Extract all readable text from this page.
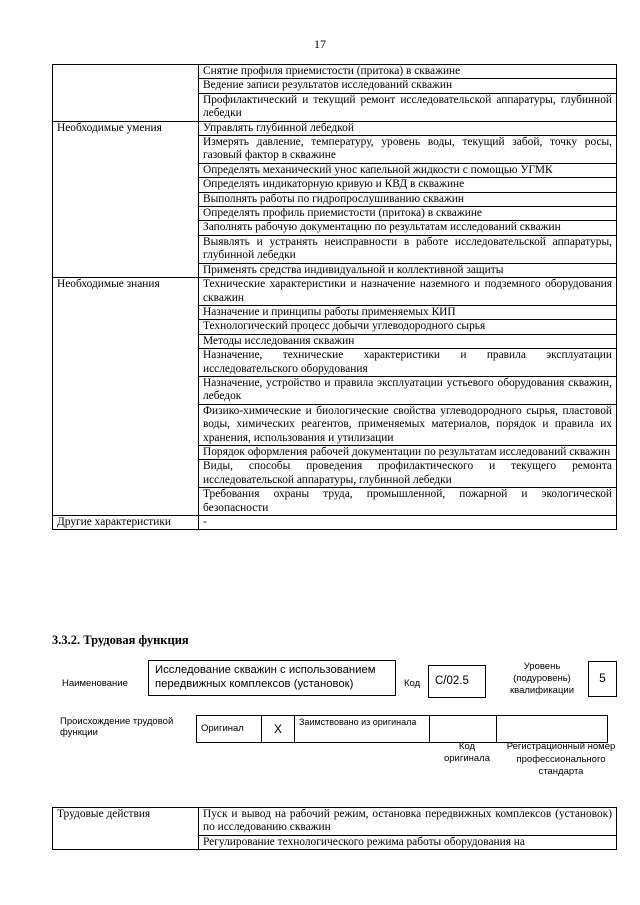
17
	Снятие профиля приемистости (притока) в скважине
	Ведение записи результатов исследований скважин
	Профилактический и текущий ремонт исследовательской аппаратуры, глубинной лебедки
Необходимые умения	Управлять глубинной лебедкой
	Измерять давление, температуру, уровень воды, текущий забой, точку росы, газовый фактор в скважине
	Определять механический унос капельной жидкости с помощью УГМК
	Определять индикаторную кривую и КВД в скважине
	Выполнять работы по гидропрослушиванию скважин
	Определять профиль приемистости (притока) в скважине
	Заполнять рабочую документацию по результатам исследований скважин
	Выявлять и устранять неисправности в работе исследовательской аппаратуры, глубинной лебедки
	Применять средства индивидуальной и коллективной защиты
Необходимые знания	Технические характеристики и назначение наземного и подземного оборудования скважин
	Назначение и принципы работы применяемых КИП
	Технологический процесс добычи углеводородного сырья
	Методы исследования скважин
	Назначение, технические характеристики и правила эксплуатации исследовательского оборудования
	Назначение, устройство и правила эксплуатации устьевого оборудования скважин, лебедок
	Физико-химические и биологические свойства углеводородного сырья, пластовой воды, химических реагентов, применяемых материалов, порядок и правила их хранения, использования и утилизации
	Порядок оформления рабочей документации по результатам исследований скважин
	Виды, способы проведения профилактического и текущего ремонта исследовательской аппаратуры, глубинной лебедки
	Требования охраны труда, промышленной, пожарной и экологической безопасности
Другие характеристики	-
3.3.2. Трудовая функция
Наименование
Исследование скважин с использованием передвижных комплексов (установок)	Код	C/02.5
Уровень (подуровень) квалификации
5
Происхождение трудовой функции	Оригинал	X	Заимствовано из оригинала		
Код оригинала
Регистрационный номер профессионального стандарта
Трудовые действия	Пуск и вывод на рабочий режим, остановка передвижных комплексов (установок) по исследованию скважин
Регулирование технологического режима работы оборудования на
